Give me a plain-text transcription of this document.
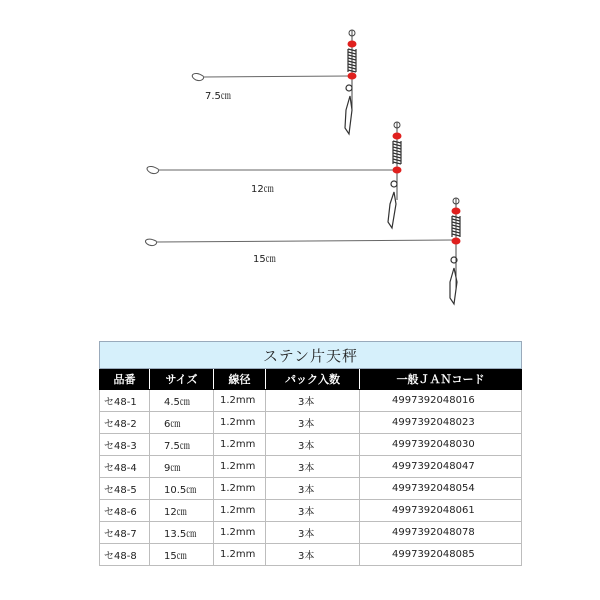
7.5㎝
12㎝
15㎝
ステン片天秤				
品番	サイズ	線径	パック入数	一般ＪＡＮコード
セ48-1	4.5㎝	1.2mm	3本	4997392048016
セ48-2	6㎝	1.2mm	3本	4997392048023
セ48-3	7.5㎝	1.2mm	3本	4997392048030
セ48-4	9㎝	1.2mm	3本	4997392048047
セ48-5	10.5㎝	1.2mm	3本	4997392048054
セ48-6	12㎝	1.2mm	3本	4997392048061
セ48-7	13.5㎝	1.2mm	3本	4997392048078
セ48-8	15㎝	1.2mm	3本	4997392048085
